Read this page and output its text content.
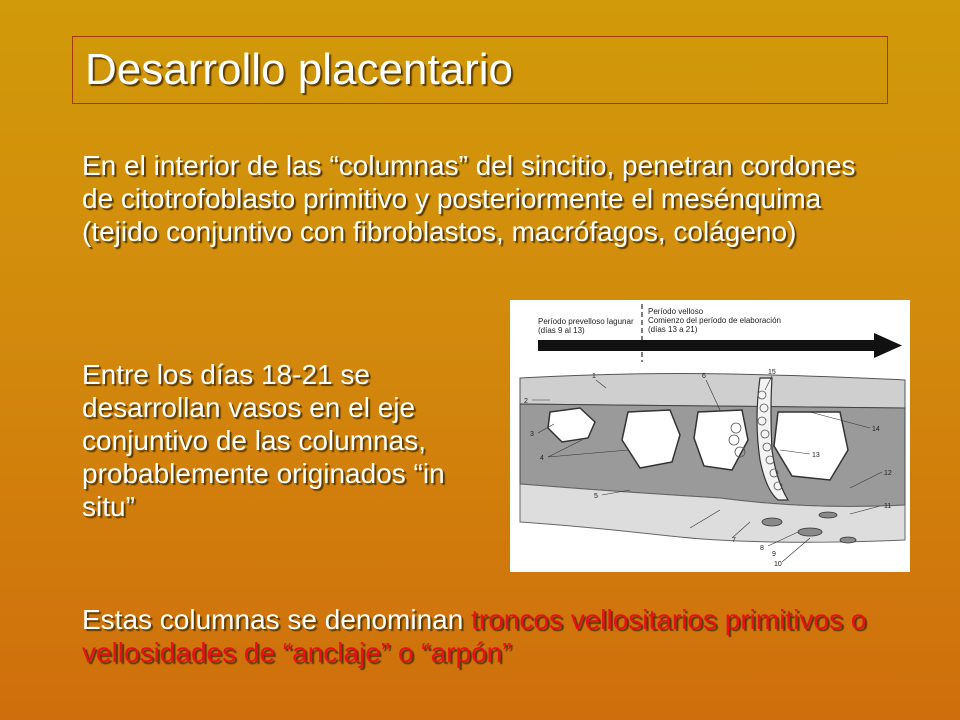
Desarrollo placentario

En el interior de las “columnas” del sincitio, penetran cordones de citotrofoblasto primitivo y posteriormente el mesénquima (tejido conjuntivo con fibroblastos, macrófagos, colágeno)

Entre los días 18-21 se desarrollan vasos en el eje conjuntivo de las columnas, probablemente originados “in situ”

Estas columnas se denominan troncos vellositarios primitivos o vellosidades de “anclaje” o “arpón”

Período prevelloso lagunar
(días 9 al 13)
Período velloso
Comienzo del período de elaboración
(días 13 a 21)
1
2
3
4
5
6
7
8
9
10
11
12
13
14
15
